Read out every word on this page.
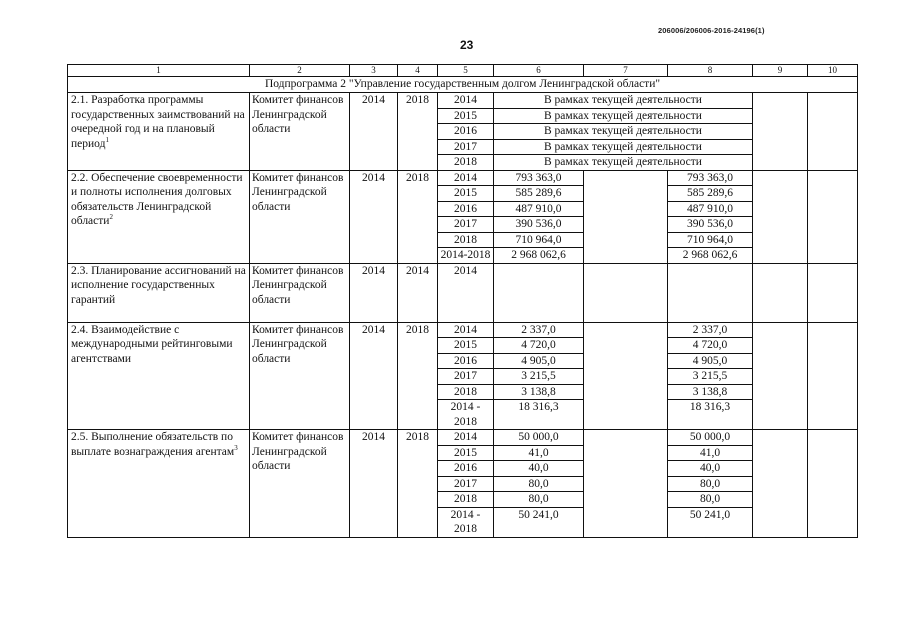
206006/206006-2016-24196(1)
23
1	2	3	4	5	6	7	8	9	10
Подпрограмма 2 "Управление государственным долгом Ленинградской области"									
2.1. Разработка программы государственных заимствований на очередной год и на плановый период$^1$	Комитет финансов Ленинградской области	2014	2018	2014	В рамках текущей деятельности				
				2015	В рамках текущей деятельности				
				2016	В рамках текущей деятельности				
				2017	В рамках текущей деятельности				
				2018	В рамках текущей деятельности				
2.2. Обеспечение своевременности и полноты исполнения долговых обязательств Ленинградской области$^2$	Комитет финансов Ленинградской области	2014	2018	2014	793 363,0		793 363,0		
				2015	585 289,6		585 289,6		
				2016	487 910,0		487 910,0		
				2017	390 536,0		390 536,0		
				2018	710 964,0		710 964,0		
				2014-2018	2 968 062,6		2 968 062,6		
2.3. Планирование ассигнований на исполнение государственных гарантий	Комитет финансов Ленинградской области	2014	2014	2014					
2.4. Взаимодействие с международными рейтинговыми агентствами	Комитет финансов Ленинградской области	2014	2018	2014	2 337,0		2 337,0		
				2015	4 720,0		4 720,0		
				2016	4 905,0		4 905,0		
				2017	3 215,5		3 215,5		
				2018	3 138,8		3 138,8		
				2014 - 2018	18 316,3		18 316,3		
2.5. Выполнение обязательств по выплате вознаграждения агентам$^3$	Комитет финансов Ленинградской области	2014	2018	2014	50 000,0		50 000,0		
				2015	41,0		41,0		
				2016	40,0		40,0		
				2017	80,0		80,0		
				2018	80,0		80,0		
				2014 - 2018	50 241,0		50 241,0		
